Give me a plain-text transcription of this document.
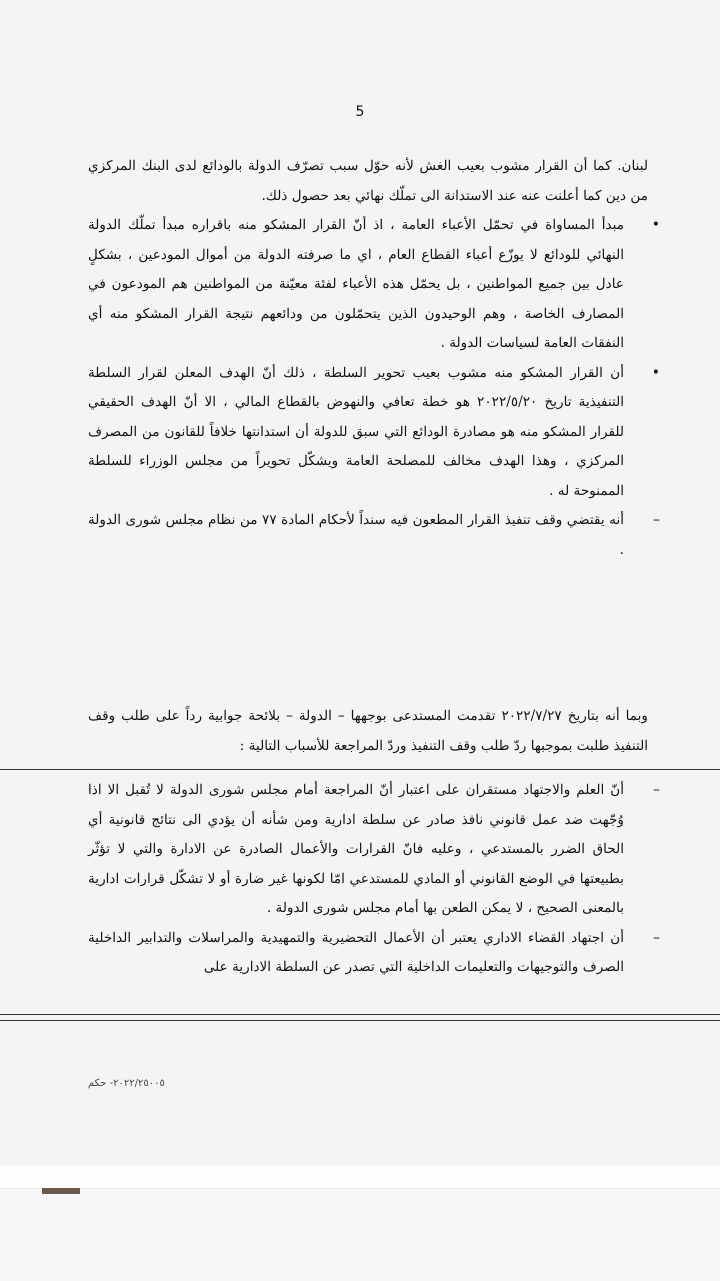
5

لبنان. كما أن القرار مشوب بعيب الغش لأنه حوّل سبب تصرّف الدولة بالودائع لدى البنك المركزي من دين كما أعلنت عنه عند الاستدانة الى تملّك نهائي بعد حصول ذلك.

•
مبدأ المساواة في تحمّل الأعباء العامة ، اذ أنّ القرار المشكو منه باقراره مبدأ تملّك الدولة النهائي للودائع لا يوزّع أعباء القطاع العام ، اي ما صرفته الدولة من أموال المودعين ، بشكلٍ عادل بين جميع المواطنين ، بل يحمّل هذه الأعباء لفئة معيّنة من المواطنين هم المودعون في المصارف الخاصة ، وهم الوحيدون الذين يتحمّلون من ودائعهم نتيجة القرار المشكو منه أي النفقات العامة لسياسات الدولة .
•
أن القرار المشكو منه مشوب بعيب تحوير السلطة ، ذلك أنّ الهدف المعلن لقرار السلطة التنفيذية تاريخ ٢٠٢٢/٥/٢٠ هو خطة تعافي والنهوض بالقطاع المالي ، الا أنّ الهدف الحقيقي للقرار المشكو منه هو مصادرة الودائع التي سبق للدولة أن استدانتها خلافاً للقانون من المصرف المركزي ، وهذا الهدف مخالف للمصلحة العامة ويشكّل تحويراً من مجلس الوزراء للسلطة الممنوحة له .
–
أنه يقتضي وقف تنفيذ القرار المطعون فيه سنداً لأحكام المادة ٧٧ من نظام مجلس شورى الدولة .

وبما أنه بتاريخ ٢٠٢٢/٧/٢٧ تقدمت المستدعى بوجهها – الدولة – بلائحة جوابية رداً على طلب وقف التنفيذ طلبت بموجبها ردّ طلب وقف التنفيذ وردّ المراجعة للأسباب التالية :

–
أنّ العلم والاجتهاد مستقران على اعتبار أنّ المراجعة أمام مجلس شورى الدولة لا تُقبل الا اذا وُجّهت ضد عمل قانوني نافذ صادر عن سلطة ادارية ومن شأنه أن يؤدي الى نتائج قانونية أي الحاق الضرر بالمستدعي ، وعليه فانّ القرارات والأعمال الصادرة عن الادارة والتي لا تؤثّر بطبيعتها في الوضع القانوني أو المادي للمستدعي امّا لكونها غير ضارة أو لا تشكّل قرارات ادارية بالمعنى الصحيح ، لا يمكن الطعن بها أمام مجلس شورى الدولة .
–
أن اجتهاد القضاء الاداري يعتبر أن الأعمال التحضيرية والتمهيدية والمراسلات والتدابير الداخلية الصرف والتوجيهات والتعليمات الداخلية التي تصدر عن السلطة الادارية على
٢٠٢٢/٢٥٠٠٥- حكم
